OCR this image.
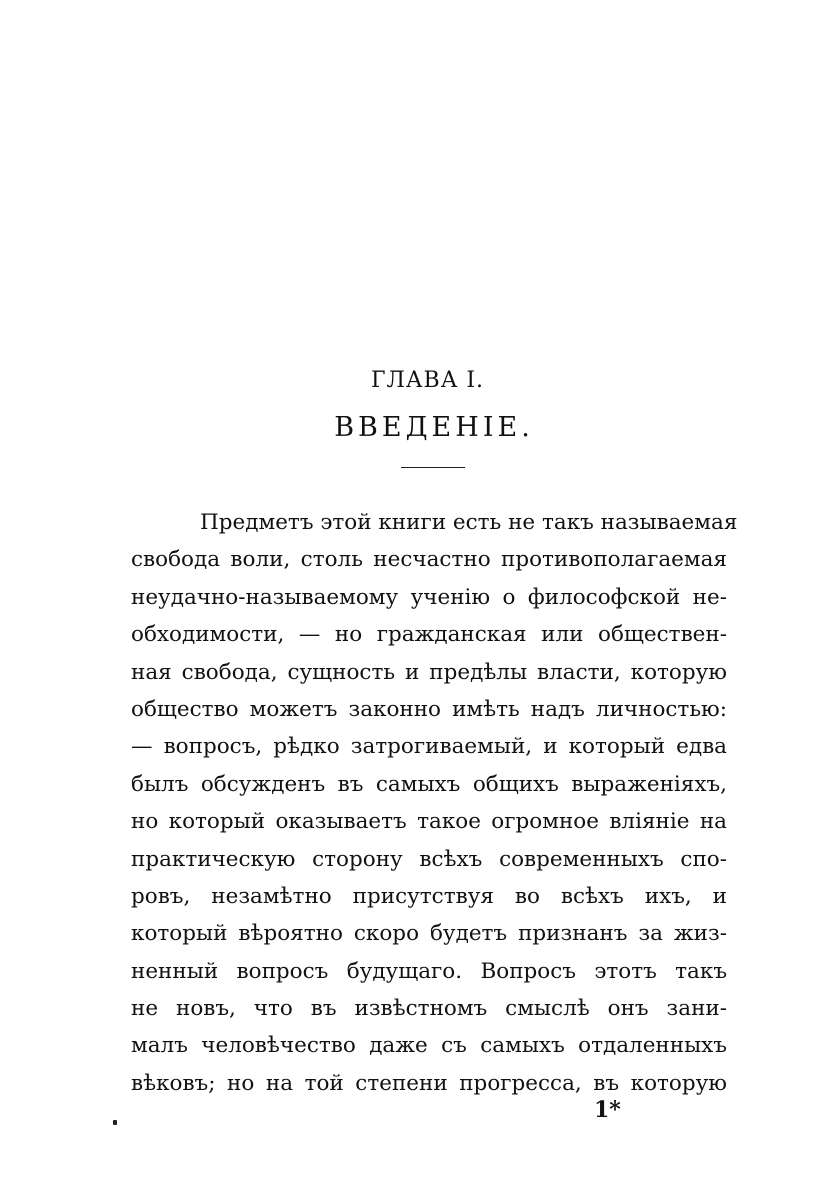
ГЛАВА I.
ВВЕДЕНIЕ.
Предметъ этой книги есть не такъ называемая
свобода воли, столь несчастно противополагаемая
неудачно-называемому ученію о философской не-
обходимости, — но гражданская или обществен-
ная свобода, сущность и предѣлы власти, которую
общество можетъ законно имѣть надъ личностью:
— вопросъ, рѣдко затрогиваемый, и который едва
былъ обсужденъ въ самыхъ общихъ выраженіяхъ,
но который оказываетъ такое огромное вліяніе на
практическую сторону всѣхъ современныхъ спо-
ровъ, незамѣтно присутствуя во всѣхъ ихъ, и
который вѣроятно скоро будетъ признанъ за жиз-
ненный вопросъ будущаго. Вопросъ этотъ такъ
не новъ, что въ извѣстномъ смыслѣ онъ зани-
малъ человѣчество даже съ самыхъ отдаленныхъ
вѣковъ; но на той степени прогресса, въ которую
1*
